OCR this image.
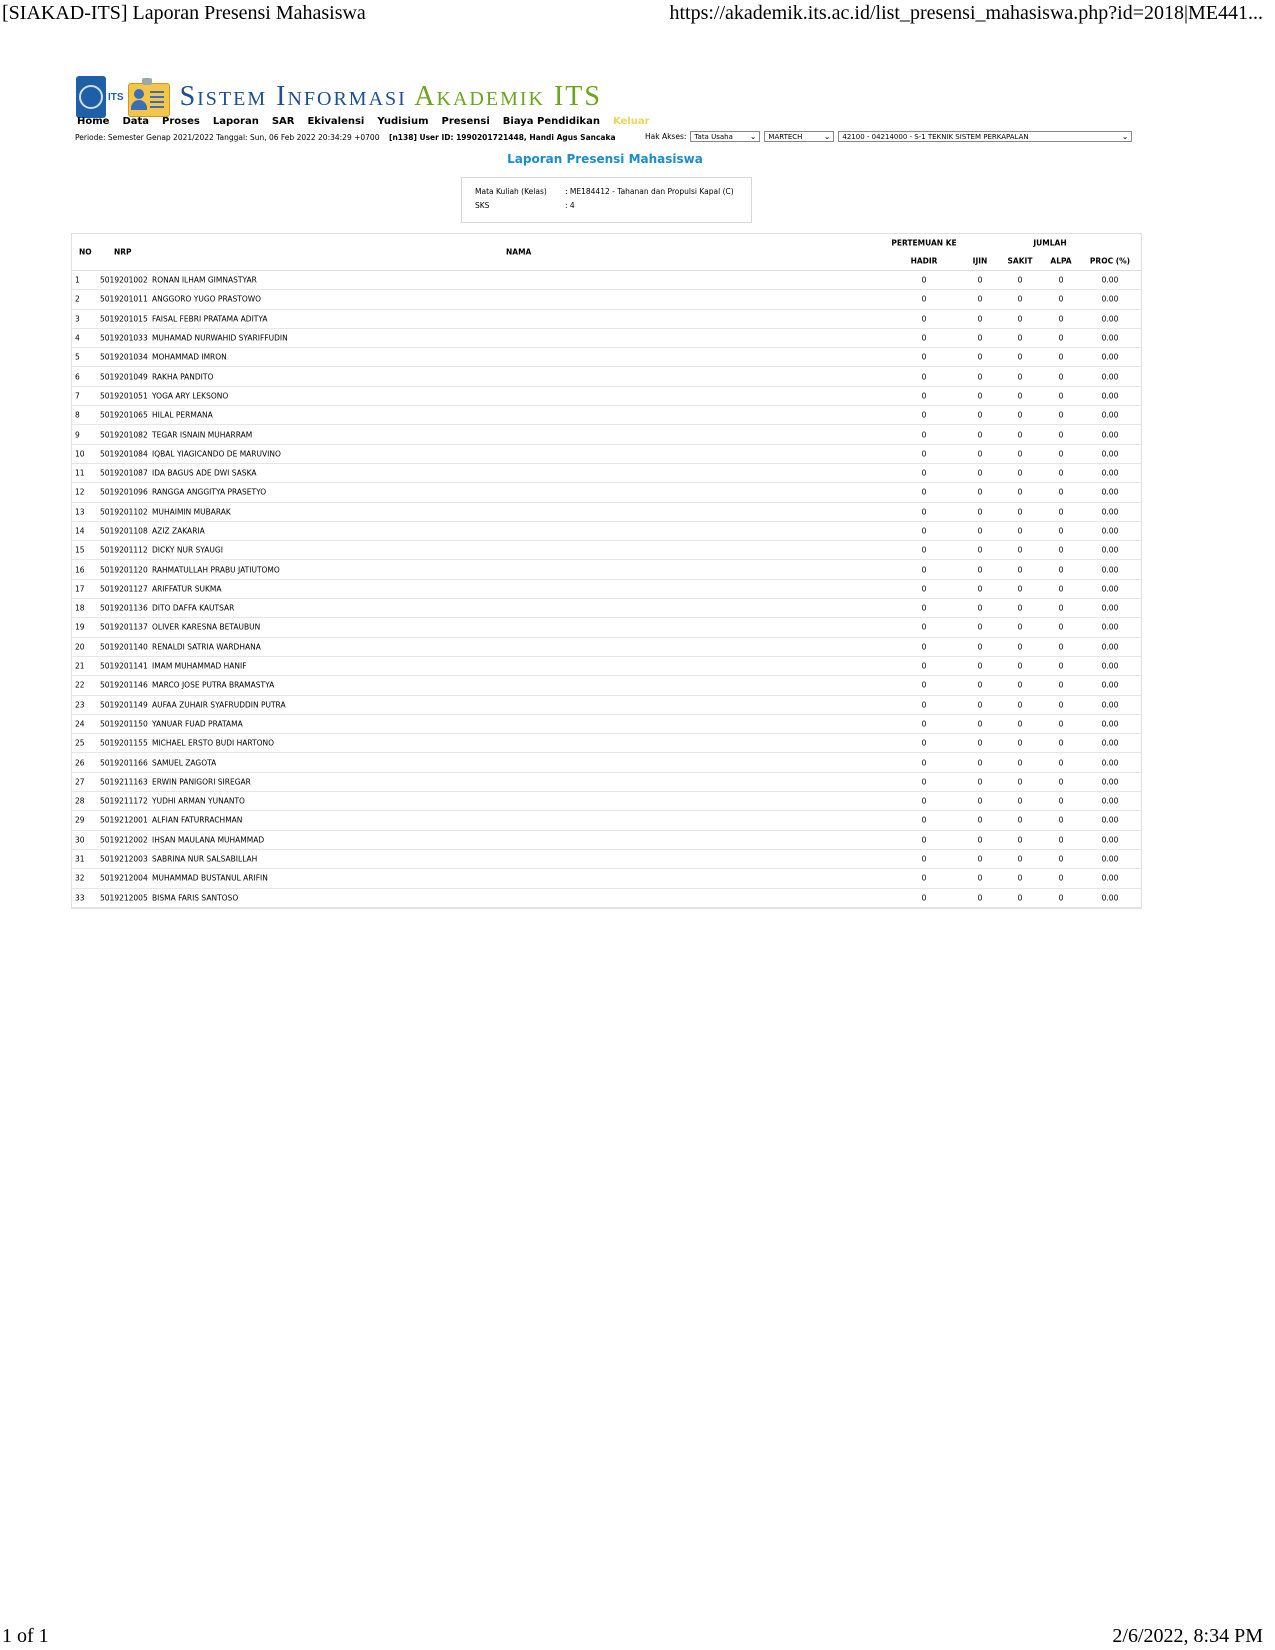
[SIAKAD-ITS] Laporan Presensi Mahasiswa	https://akademik.its.ac.id/list_presensi_mahasiswa.php?id=2018|ME441...
ITS Sistem Informasi Akademik ITS
Home Data Proses Laporan SAR Ekivalensi Yudisium Presensi Biaya Pendidikan Keluar
Periode: Semester Genap 2021/2022 Tanggal: Sun, 06 Feb 2022 20:34:29 +0700 [n138] User ID: 1990201721448, Handi Agus Sancaka	Hak Akses: Tata Usaha ⌄ MARTECH	⌄ 42100 - 04214000 - S-1 TEKNIK SISTEM PERKAPALAN	⌄
Laporan Presensi Mahasiswa
Mata Kuliah (Kelas)	: ME184412 - Tahanan dan Propulsi Kapal (C)
SKS	: 4
NO	NRP	NAMA
PERTEMUAN KE	JUMLAH
HADIR	IJIN	SAKIT ALPA PROC (%)
1	5019201002 RONAN ILHAM GIMNASTYAR	0	0	0	0	0.00
2	5019201011 ANGGORO YUGO PRASTOWO	0	0	0	0	0.00
3	5019201015 FAISAL FEBRI PRATAMA ADITYA	0	0	0	0	0.00
4	5019201033 MUHAMAD NURWAHID SYARIFFUDIN	0	0	0	0	0.00
5	5019201034 MOHAMMAD IMRON	0	0	0	0	0.00
6	5019201049 RAKHA PANDITO	0	0	0	0	0.00
7	5019201051 YOGA ARY LEKSONO	0	0	0	0	0.00
8	5019201065 HILAL PERMANA	0	0	0	0	0.00
9	5019201082 TEGAR ISNAIN MUHARRAM	0	0	0	0	0.00
10 5019201084 IQBAL YIAGICANDO DE MARUVINO	0	0	0	0	0.00
11 5019201087 IDA BAGUS ADE DWI SASKA	0	0	0	0	0.00
12 5019201096 RANGGA ANGGITYA PRASETYO	0	0	0	0	0.00
13 5019201102 MUHAIMIN MUBARAK	0	0	0	0	0.00
14 5019201108 AZIZ ZAKARIA	0	0	0	0	0.00
15 5019201112 DICKY NUR SYAUGI	0	0	0	0	0.00
16 5019201120 RAHMATULLAH PRABU JATIUTOMO	0	0	0	0	0.00
17 5019201127 ARIFFATUR SUKMA	0	0	0	0	0.00
18 5019201136 DITO DAFFA KAUTSAR	0	0	0	0	0.00
19 5019201137 OLIVER KARESNA BETAUBUN	0	0	0	0	0.00
20 5019201140 RENALDI SATRIA WARDHANA	0	0	0	0	0.00
21 5019201141 IMAM MUHAMMAD HANIF	0	0	0	0	0.00
22 5019201146 MARCO JOSE PUTRA BRAMASTYA	0	0	0	0	0.00
23 5019201149 AUFAA ZUHAIR SYAFRUDDIN PUTRA	0	0	0	0	0.00
24 5019201150 YANUAR FUAD PRATAMA	0	0	0	0	0.00
25 5019201155 MICHAEL ERSTO BUDI HARTONO	0	0	0	0	0.00
26 5019201166 SAMUEL ZAGOTA	0	0	0	0	0.00
27 5019211163 ERWIN PANIGORI SIREGAR	0	0	0	0	0.00
28 5019211172 YUDHI ARMAN YUNANTO	0	0	0	0	0.00
29 5019212001 ALFIAN FATURRACHMAN	0	0	0	0	0.00
30 5019212002 IHSAN MAULANA MUHAMMAD	0	0	0	0	0.00
31 5019212003 SABRINA NUR SALSABILLAH	0	0	0	0	0.00
32 5019212004 MUHAMMAD BUSTANUL ARIFIN	0	0	0	0	0.00
33 5019212005 BISMA FARIS SANTOSO	0	0	0	0	0.00
1 of 1	2/6/2022, 8:34 PM
